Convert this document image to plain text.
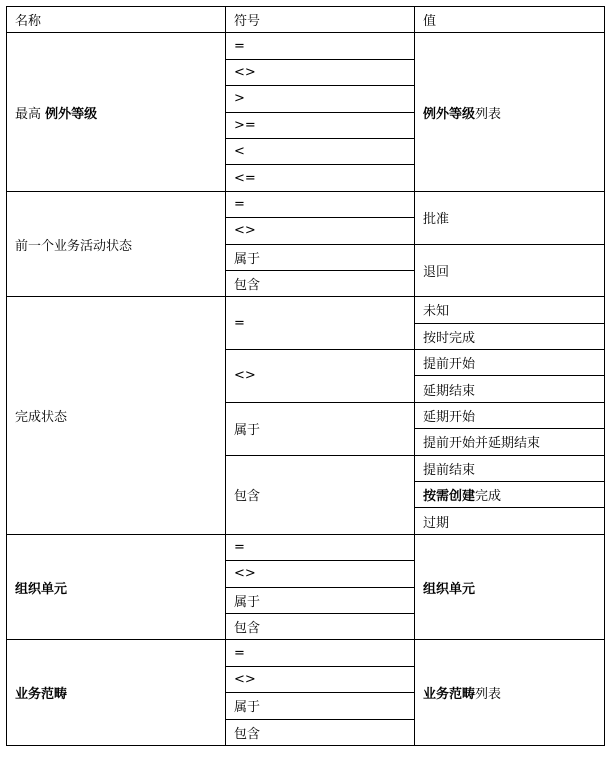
名称	符号	值
最高 例外等级	=	例外等级列表
	<>	
	>	
	>=	
	<	
	<=	
前一个业务活动状态	=	批准
	<>	
	属于	退回
	包含	
完成状态	=	未知
		按时完成
	<>	提前开始
		延期结束
	属于	延期开始
		提前开始并延期结束
	包含	提前结束
		按需创建完成
		过期
组织单元	=	组织单元
	<>	
	属于	
	包含	
业务范畴	=	业务范畴列表
	<>	
	属于	
	包含	
